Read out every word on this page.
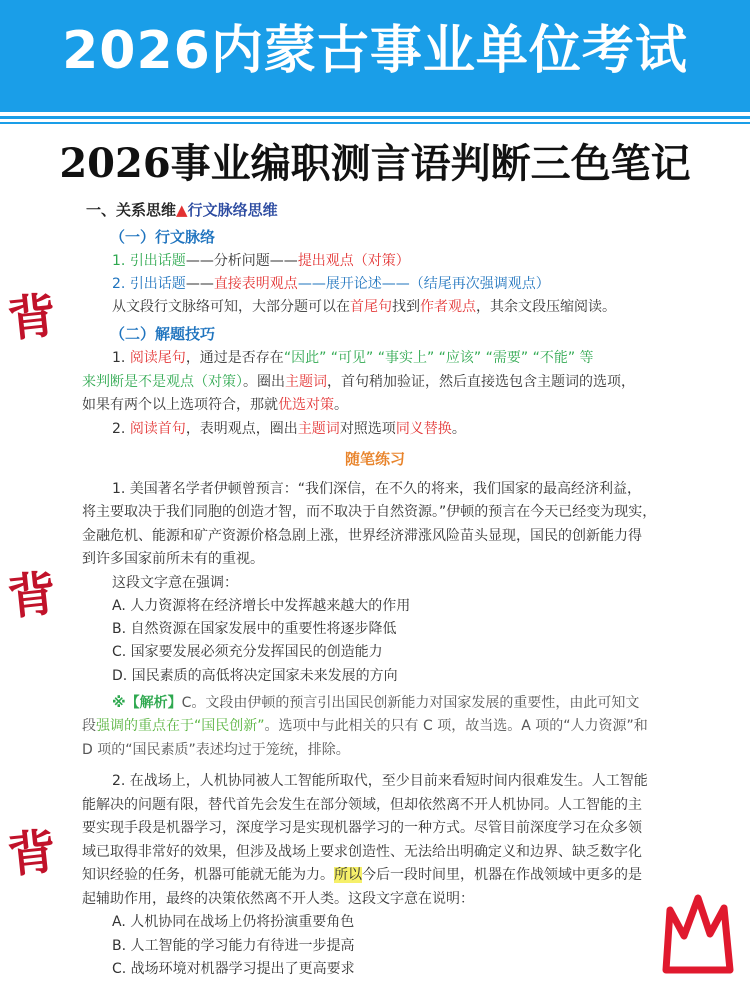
2026内蒙古事业单位考试
2026事业编职测言语判断三色笔记
一、关系思维▲行文脉络思维
（一）行文脉络
1. 引出话题——分析问题——提出观点（对策）
2. 引出话题——直接表明观点——展开论述——（结尾再次强调观点）
从文段行文脉络可知，大部分题可以在首尾句找到作者观点，其余文段压缩阅读。
（二）解题技巧
1. 阅读尾句，通过是否存在“因此” “可见” “事实上” “应该” “需要” “不能” 等
来判断是不是观点（对策）。圈出主题词，首句稍加验证，然后直接选包含主题词的选项，
如果有两个以上选项符合，那就优选对策。
2. 阅读首句，表明观点，圈出主题词对照选项同义替换。
随笔练习
1. 美国著名学者伊顿曾预言：“我们深信，在不久的将来，我们国家的最高经济利益，
将主要取决于我们同胞的创造才智，而不取决于自然资源。”伊顿的预言在今天已经变为现实，
金融危机、能源和矿产资源价格急剧上涨，世界经济滞涨风险苗头显现，国民的创新能力得
到许多国家前所未有的重视。
这段文字意在强调：
A. 人力资源将在经济增长中发挥越来越大的作用
B. 自然资源在国家发展中的重要性将逐步降低
C. 国家要发展必须充分发挥国民的创造能力
D. 国民素质的高低将决定国家未来发展的方向
※【解析】C。文段由伊顿的预言引出国民创新能力对国家发展的重要性，由此可知文
段强调的重点在于“国民创新”。选项中与此相关的只有 C 项，故当选。A 项的“人力资源”和
D 项的“国民素质”表述均过于笼统，排除。
2. 在战场上，人机协同被人工智能所取代，至少目前来看短时间内很难发生。人工智能
能解决的问题有限，替代首先会发生在部分领域，但却依然离不开人机协同。人工智能的主
要实现手段是机器学习，深度学习是实现机器学习的一种方式。尽管目前深度学习在众多领
域已取得非常好的效果，但涉及战场上要求创造性、无法给出明确定义和边界、缺乏数字化
知识经验的任务，机器可能就无能为力。所以今后一段时间里，机器在作战领域中更多的是
起辅助作用，最终的决策依然离不开人类。这段文字意在说明：
A. 人机协同在战场上仍将扮演重要角色
B. 人工智能的学习能力有待进一步提高
C. 战场环境对机器学习提出了更高要求
背
背
背
